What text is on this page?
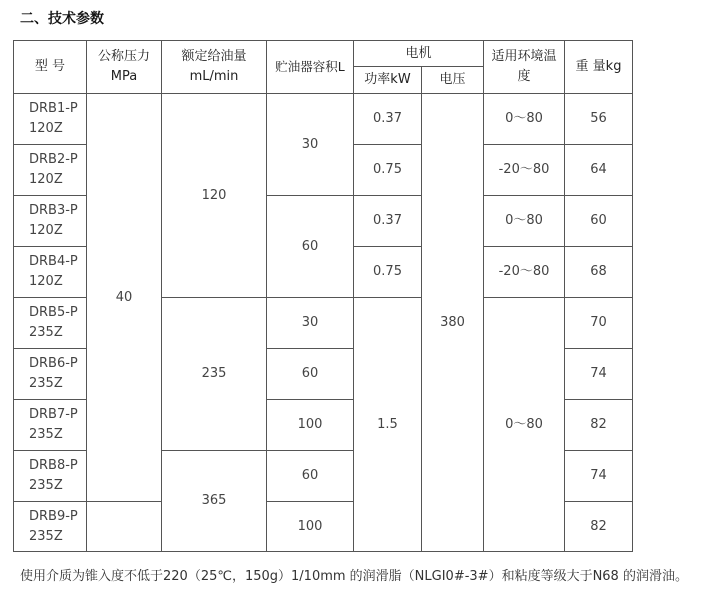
二、技术参数
型 号
公称压力
MPa
额定给油量
mL/min
贮油器容积L
电机
功率kW 电压
适用环境温度
重 量kg
DRB1-P120Z
DRB2-P120Z
DRB3-P120Z
DRB4-P120Z
DRB5-P235Z
DRB6-P235Z
DRB7-P235Z
DRB8-P235Z
DRB9-P235Z
40
120
235
365
30
60
30
60
100
60
100
0.37
0.75
0.37
0.75
1.5
380
0～80
-20～80
0～80
-20～80
0～80
56
64
60
68
70
74
82
74
82
使用介质为锥入度不低于220（25℃，150g）1/10mm 的润滑脂（NLGI0#-3#）和粘度等级大于N68 的润滑油。
